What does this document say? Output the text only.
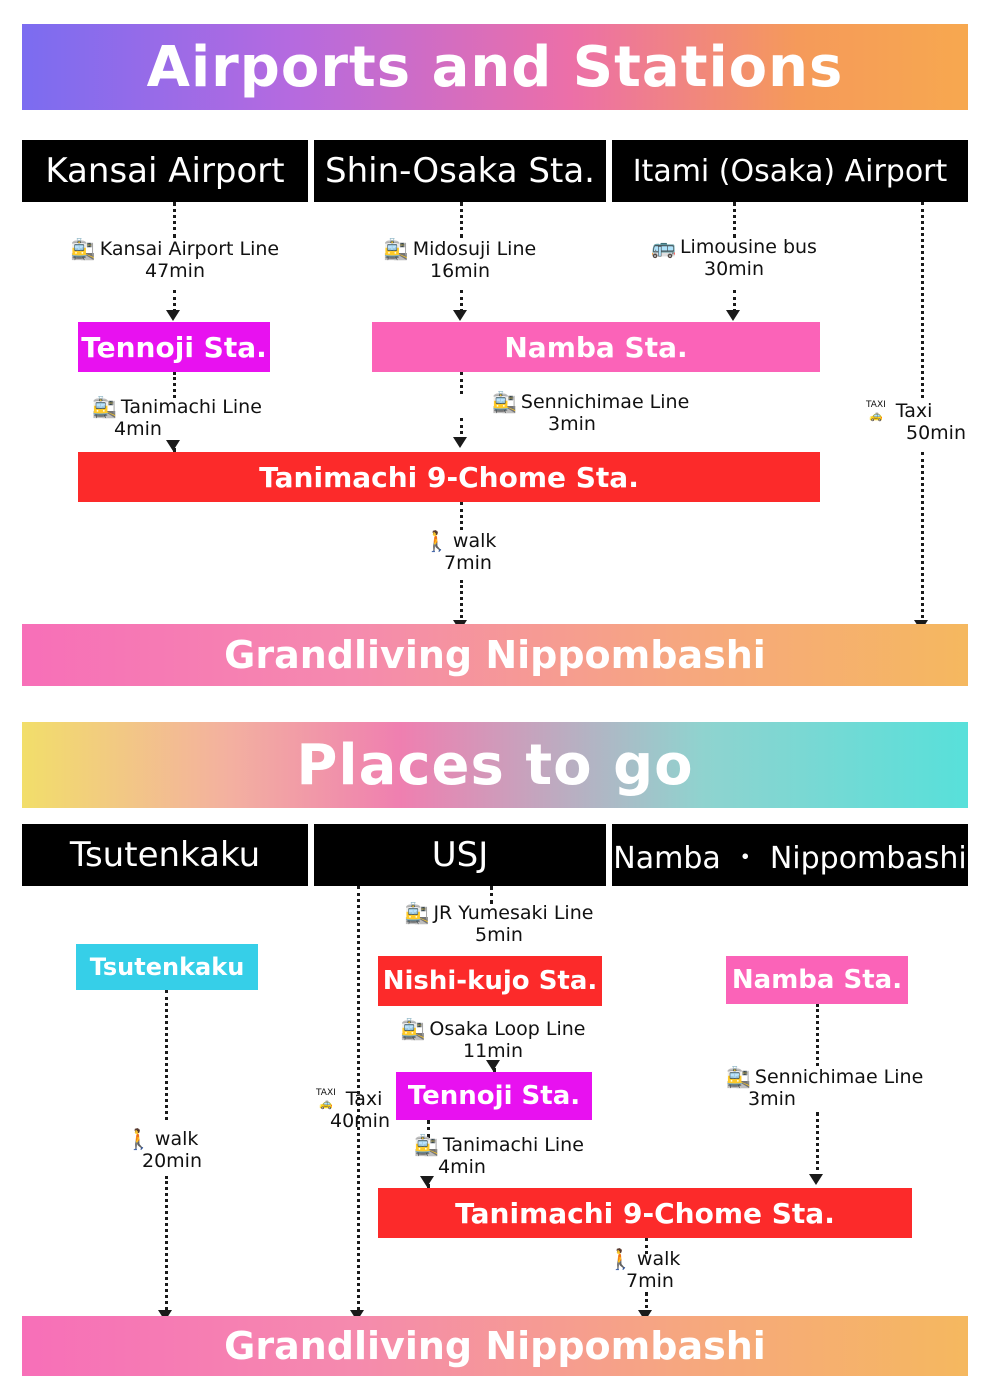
Airports and Stations
Kansai Airport	Shin-Osaka Sta.	Itami (Osaka) Airport
🚉 Kansai Airport Line
47min
🚉 Midosuji Line
16min
🚌 Limousine bus
30min
Tennoji Sta.	Namba Sta.
🚉 Tanimachi Line
4min
🚉 Sennichimae Line
3min
TAXI
🚕 Taxi
50min
Tanimachi 9-Chome Sta.
🚶 walk
7min
Grandliving Nippombashi
Places to go
Tsutenkaku	USJ	Namba ・ Nippombashi
TAXI
🚕 Taxi
40min
🚉 JR Yumesaki Line
5min
Nishi-kujo Sta.
🚉 Osaka Loop Line
11min
Tennoji Sta.
🚉 Tanimachi Line
4min
Tsutenkaku
🚶 walk
20min
Namba Sta.
🚉 Sennichimae Line
3min
Tanimachi 9-Chome Sta.
🚶 walk
7min
Grandliving Nippombashi
